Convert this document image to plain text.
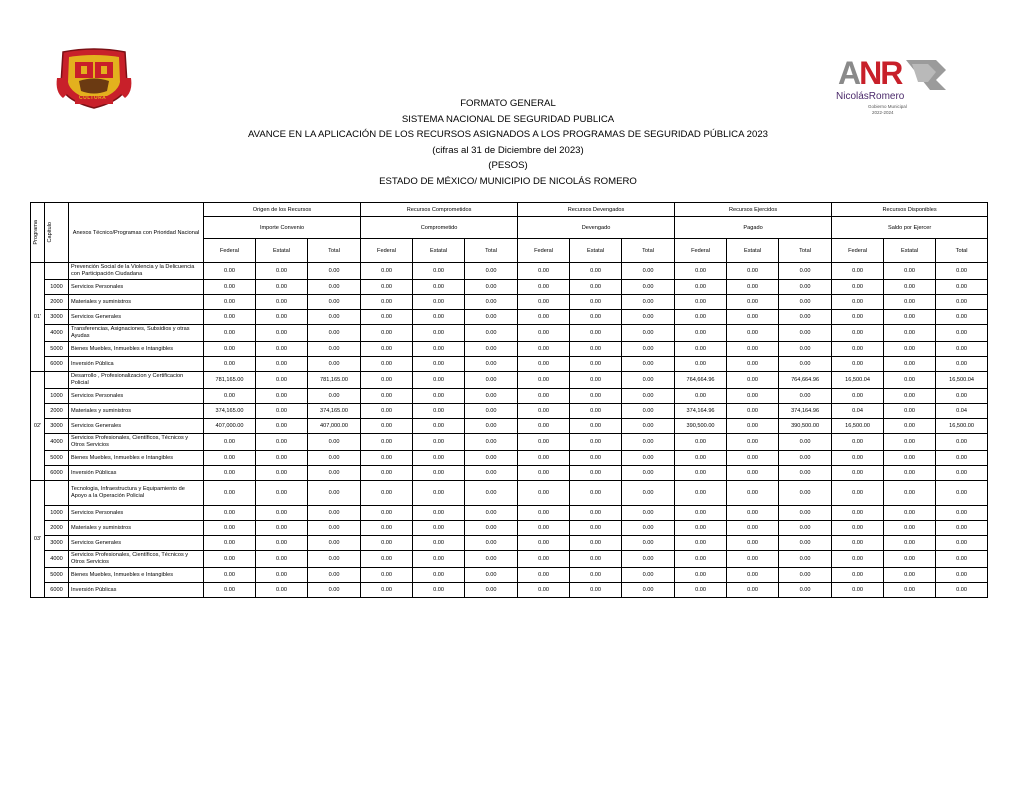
CULTURA
ANR
NicolásRomero
Gobierno Municipal
2022-2024
FORMATO GENERAL
SISTEMA NACIONAL DE SEGURIDAD PUBLICA
AVANCE EN LA APLICACIÓN DE LOS RECURSOS ASIGNADOS A LOS PROGRAMAS DE SEGURIDAD PÚBLICA 2023
(cifras al 31 de Diciembre del 2023)
(PESOS)
ESTADO DE MÉXICO/ MUNICIPIO DE NICOLÁS ROMERO
Programa	Capitulo	Anexos Técnico/Programas con Prioridad Nacional	Origen de los Recursos			Recursos Comprometidos			Recursos Devengados			Recursos Ejercidos			Recursos Disponibles		
			Importe Convenio			Comprometido			Devengado			Pagado			Saldo por Ejercer		
			Federal	Estatal	Total	Federal	Estatal	Total	Federal	Estatal	Total	Federal	Estatal	Total	Federal	Estatal	Total
01'		Prevención Social de la Violencia y la Delicuencia con Participación Ciudadana	0.00	0.00	0.00	0.00	0.00	0.00	0.00	0.00	0.00	0.00	0.00	0.00	0.00	0.00	0.00
	1000	Servicios Personales	0.00	0.00	0.00	0.00	0.00	0.00	0.00	0.00	0.00	0.00	0.00	0.00	0.00	0.00	0.00
	2000	Materiales y suministros	0.00	0.00	0.00	0.00	0.00	0.00	0.00	0.00	0.00	0.00	0.00	0.00	0.00	0.00	0.00
	3000	Servicios Generales	0.00	0.00	0.00	0.00	0.00	0.00	0.00	0.00	0.00	0.00	0.00	0.00	0.00	0.00	0.00
	4000	Transferencias, Asignaciones, Subsidios y otras Ayudas	0.00	0.00	0.00	0.00	0.00	0.00	0.00	0.00	0.00	0.00	0.00	0.00	0.00	0.00	0.00
	5000	Bienes Muebles, Inmuebles e Intangibles	0.00	0.00	0.00	0.00	0.00	0.00	0.00	0.00	0.00	0.00	0.00	0.00	0.00	0.00	0.00
	6000	Inversión Pública	0.00	0.00	0.00	0.00	0.00	0.00	0.00	0.00	0.00	0.00	0.00	0.00	0.00	0.00	0.00
02'		Desarrollo , Profesionalizacion y Certificacion Policial	781,165.00	0.00	781,165.00	0.00	0.00	0.00	0.00	0.00	0.00	764,664.96	0.00	764,664.96	16,500.04	0.00	16,500.04
	1000	Servicios Personales	0.00	0.00	0.00	0.00	0.00	0.00	0.00	0.00	0.00	0.00	0.00	0.00	0.00	0.00	0.00
	2000	Materiales y suministros	374,165.00	0.00	374,165.00	0.00	0.00	0.00	0.00	0.00	0.00	374,164.96	0.00	374,164.96	0.04	0.00	0.04
	3000	Servicios Generales	407,000.00	0.00	407,000.00	0.00	0.00	0.00	0.00	0.00	0.00	390,500.00	0.00	390,500.00	16,500.00	0.00	16,500.00
	4000	Servicios Profesionales, Científicos, Técnicos y Otros Servicios	0.00	0.00	0.00	0.00	0.00	0.00	0.00	0.00	0.00	0.00	0.00	0.00	0.00	0.00	0.00
	5000	Bienes Muebles, Inmuebles e Intangibles	0.00	0.00	0.00	0.00	0.00	0.00	0.00	0.00	0.00	0.00	0.00	0.00	0.00	0.00	0.00
	6000	Inversión Públicas	0.00	0.00	0.00	0.00	0.00	0.00	0.00	0.00	0.00	0.00	0.00	0.00	0.00	0.00	0.00
03'		Tecnologia, Infraestructura y Equipamiento de Apoyo a la Operación Policial	0.00	0.00	0.00	0.00	0.00	0.00	0.00	0.00	0.00	0.00	0.00	0.00	0.00	0.00	0.00
	1000	Servicios Personales	0.00	0.00	0.00	0.00	0.00	0.00	0.00	0.00	0.00	0.00	0.00	0.00	0.00	0.00	0.00
	2000	Materiales y suministros	0.00	0.00	0.00	0.00	0.00	0.00	0.00	0.00	0.00	0.00	0.00	0.00	0.00	0.00	0.00
	3000	Servicios Generales	0.00	0.00	0.00	0.00	0.00	0.00	0.00	0.00	0.00	0.00	0.00	0.00	0.00	0.00	0.00
	4000	Servicios Profesionales, Científicos, Técnicos y Otros Servicios	0.00	0.00	0.00	0.00	0.00	0.00	0.00	0.00	0.00	0.00	0.00	0.00	0.00	0.00	0.00
	5000	Bienes Muebles, Inmuebles e Intangibles	0.00	0.00	0.00	0.00	0.00	0.00	0.00	0.00	0.00	0.00	0.00	0.00	0.00	0.00	0.00
	6000	Inversión Públicas	0.00	0.00	0.00	0.00	0.00	0.00	0.00	0.00	0.00	0.00	0.00	0.00	0.00	0.00	0.00
